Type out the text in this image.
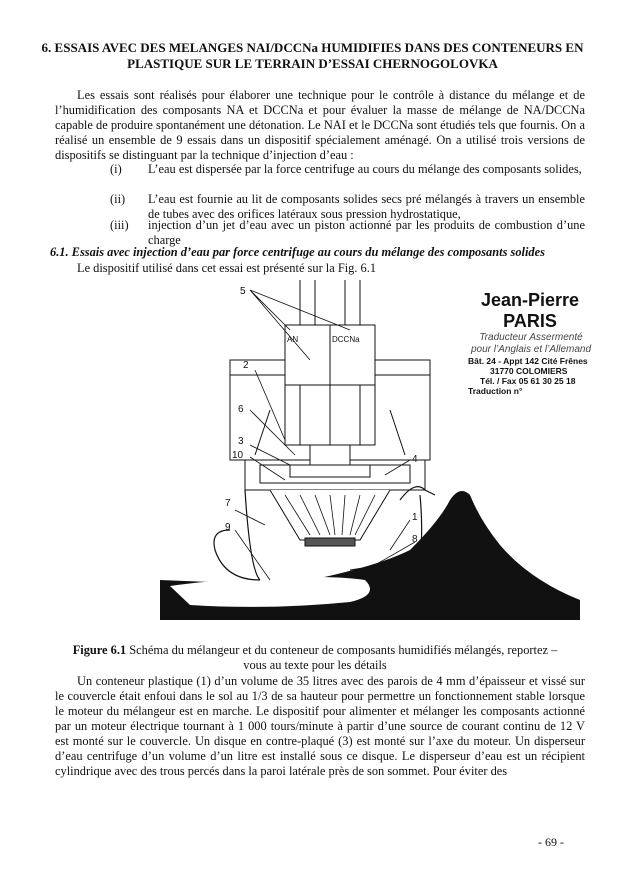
6. ESSAIS AVEC DES MELANGES NAI/DCCNa HUMIDIFIES DANS DES CONTENEURS EN
PLASTIQUE SUR LE TERRAIN D’ESSAI CHERNOGOLOVKA
Les essais sont réalisés pour élaborer une technique pour le contrôle à distance du mélange et de l’humidification des composants NA et DCCNa et pour évaluer la masse de mélange de NA/DCCNa capable de produire spontanément une détonation. Le NAI et le DCCNa sont étudiés tels que fournis. On a réalisé un ensemble de 9 essais dans un dispositif spécialement aménagé. On a utilisé trois versions de dispositifs se distinguant par la technique d’injection d’eau :
(i)	L’eau est dispersée par la force centrifuge au cours du mélange des composants solides,
(ii)	L’eau est fournie au lit de composants solides secs pré mélangés à travers un ensemble de tubes avec des orifices latéraux sous pression hydrostatique,
(iii)	injection d’un jet d’eau avec un piston actionné par les produits de combustion d’une charge
6.1. Essais avec injection d’eau par force centrifuge au cours du mélange des composants solides
Le dispositif utilisé dans cet essai est présenté sur la Fig. 6.1
5
AN	DCCNa
2
6
3
10	4
7
9
1
8
Jean-Pierre PARIS
Traducteur Assermenté
pour l’Anglais et l’Allemand
Bât. 24 - Appt 142 Cité Frênes
31770 COLOMIERS
Tél. / Fax 05 61 30 25 18
Traduction n°
Figure 6.1 Schéma du mélangeur et du conteneur de composants humidifiés mélangés, reportez – vous au texte pour les détails
Un conteneur plastique (1) d’un volume de 35 litres avec des parois de 4 mm d’épaisseur et vissé sur le couvercle était enfoui dans le sol au 1/3 de sa hauteur pour permettre un fonctionnement stable lorsque le moteur du mélangeur est en marche. Le dispositif pour alimenter et mélanger les composants actionné par un moteur électrique tournant à 1 000 tours/minute à partir d’une source de courant continu de 12 V est monté sur le couvercle. Un disque en contre-plaqué (3) est monté sur l’axe du moteur. Un disperseur d’eau centrifuge d’un volume d’un litre est installé sous ce disque. Le disperseur d’eau est un récipient cylindrique avec des trous percés dans la paroi latérale près de son sommet. Pour éviter des
- 69 -
